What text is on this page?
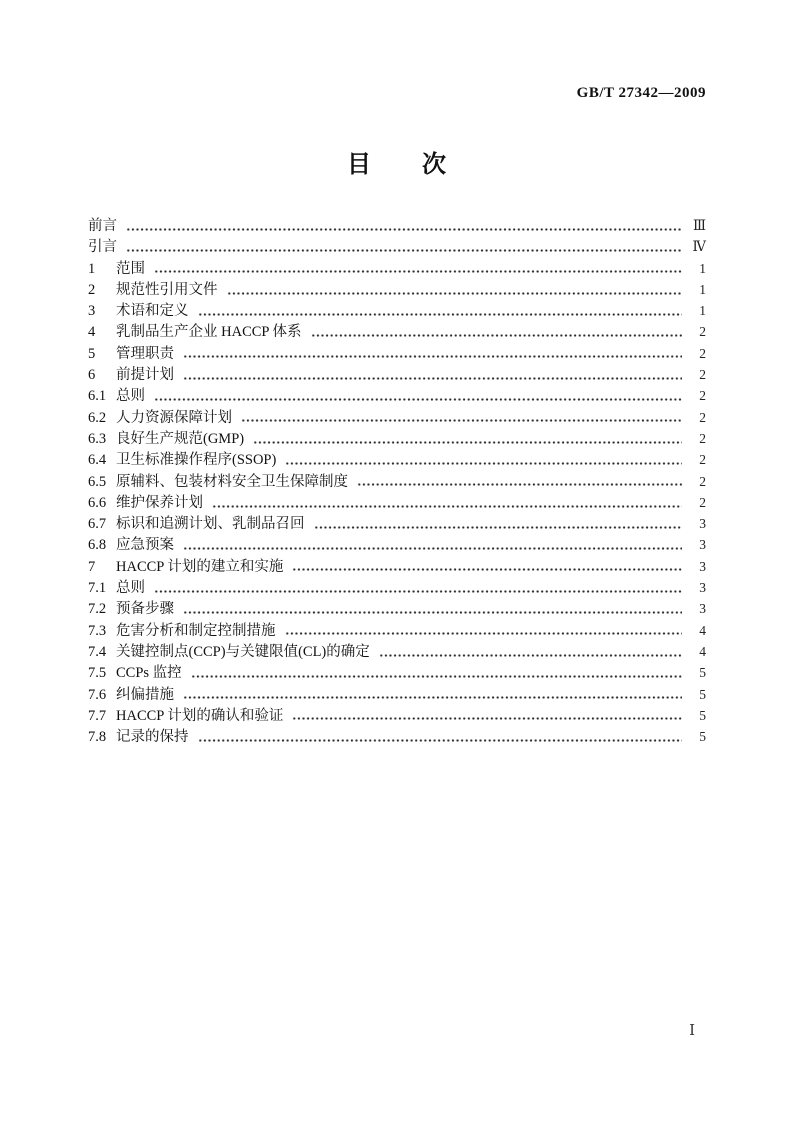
GB/T 27342—2009
目　　次
前言	Ⅲ
引言	Ⅳ
1	范围	1
2	规范性引用文件	1
3	术语和定义	1
4	乳制品生产企业 HACCP 体系	2
5	管理职责	2
6	前提计划	2
6.1 总则	2
6.2 人力资源保障计划	2
6.3 良好生产规范(GMP)	2
6.4 卫生标准操作程序(SSOP)	2
6.5 原辅料、包装材料安全卫生保障制度	2
6.6 维护保养计划	2
6.7 标识和追溯计划、乳制品召回	3
6.8 应急预案	3
7	HACCP 计划的建立和实施	3
7.1 总则	3
7.2 预备步骤	3
7.3 危害分析和制定控制措施	4
7.4 关键控制点(CCP)与关键限值(CL)的确定	4
7.5 CCPs 监控	5
7.6 纠偏措施	5
7.7 HACCP 计划的确认和验证	5
7.8 记录的保持	5
Ⅰ
